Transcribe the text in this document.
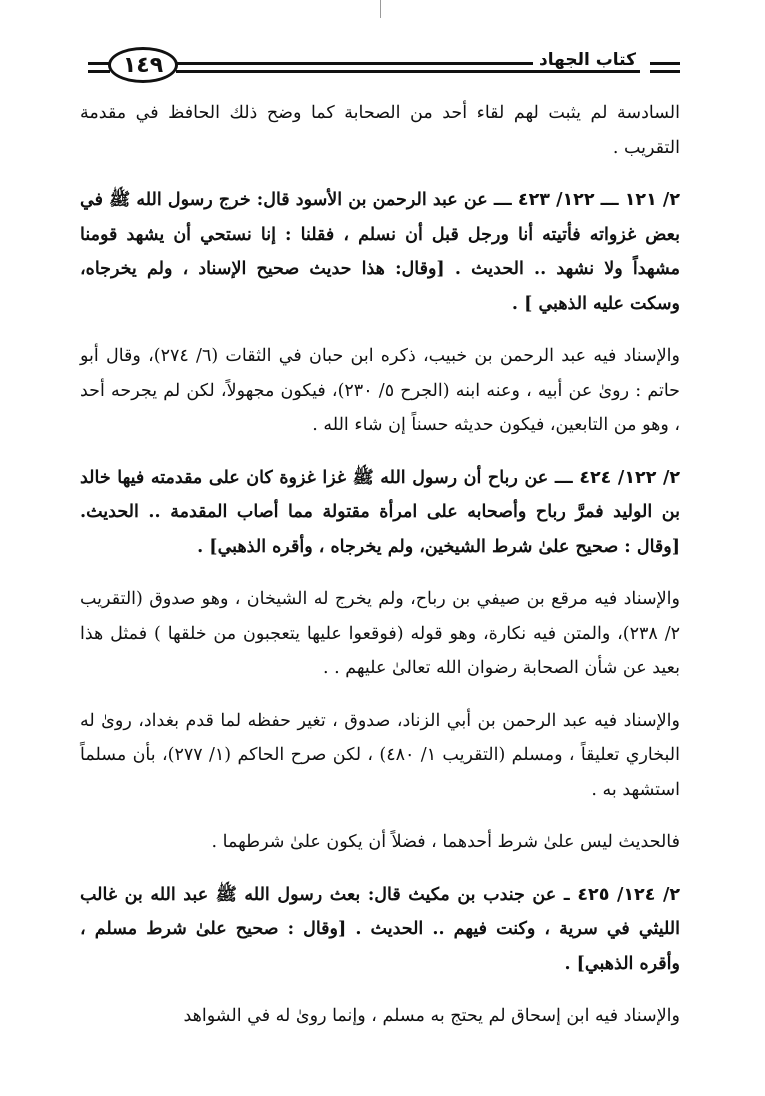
١٤٩	كتاب الجهاد

السادسة لم يثبت لهم لقاء أحد من الصحابة كما وضح ذلك الحافظ في مقدمة التقريب .

٢/ ١٢١ ـــ ١٢٢/ ٤٢٣ ـــ عن عبد الرحمن بن الأسود قال: خرج رسول الله ﷺ في بعض غزواته فأتيته أنا ورجل قبل أن نسلم ، فقلنا : إنا نستحي أن يشهد قومنا مشهداً ولا نشهد .. الحديث . [وقال: هذا حديث صحيح الإسناد ، ولم يخرجاه، وسكت عليه الذهبي ] .

والإسناد فيه عبد الرحمن بن خبيب، ذكره ابن حبان في الثقات (٦/ ٢٧٤)، وقال أبو حاتم : روىٰ عن أبيه ، وعنه ابنه (الجرح ٥/ ٢٣٠)، فيكون مجهولاً، لكن لم يجرحه أحد ، وهو من التابعين، فيكون حديثه حسناً إن شاء الله .

٢/ ١٢٢/ ٤٢٤ ـــ عن رباح أن رسول الله ﷺ غزا غزوة كان على مقدمته فيها خالد بن الوليد فمرَّ رباح وأصحابه على امرأة مقتولة مما أصاب المقدمة .. الحديث. [وقال : صحيح علىٰ شرط الشيخين، ولم يخرجاه ، وأقره الذهبي] .

والإسناد فيه مرقع بن صيفي بن رباح، ولم يخرج له الشيخان ، وهو صدوق (التقريب ٢/ ٢٣٨)، والمتن فيه نكارة، وهو قوله (فوقعوا عليها يتعجبون من خلقها ) فمثل هذا بعيد عن شأن الصحابة رضوان الله تعالىٰ عليهم . .

والإسناد فيه عبد الرحمن بن أبي الزناد، صدوق ، تغير حفظه لما قدم بغداد، روىٰ له البخاري تعليقاً ، ومسلم (التقريب ١/ ٤٨٠) ، لكن صرح الحاكم (١/ ٢٧٧)، بأن مسلماً استشهد به .

فالحديث ليس علىٰ شرط أحدهما ، فضلاً أن يكون علىٰ شرطهما .

٢/ ١٢٤/ ٤٢٥ ـ عن جندب بن مكيث قال: بعث رسول الله ﷺ عبد الله بن غالب الليثي في سرية ، وكنت فيهم .. الحديث . [وقال : صحيح علىٰ شرط مسلم ، وأقره الذهبي] .

والإسناد فيه ابن إسحاق لم يحتج به مسلم ، وإنما روىٰ له في الشواهد
